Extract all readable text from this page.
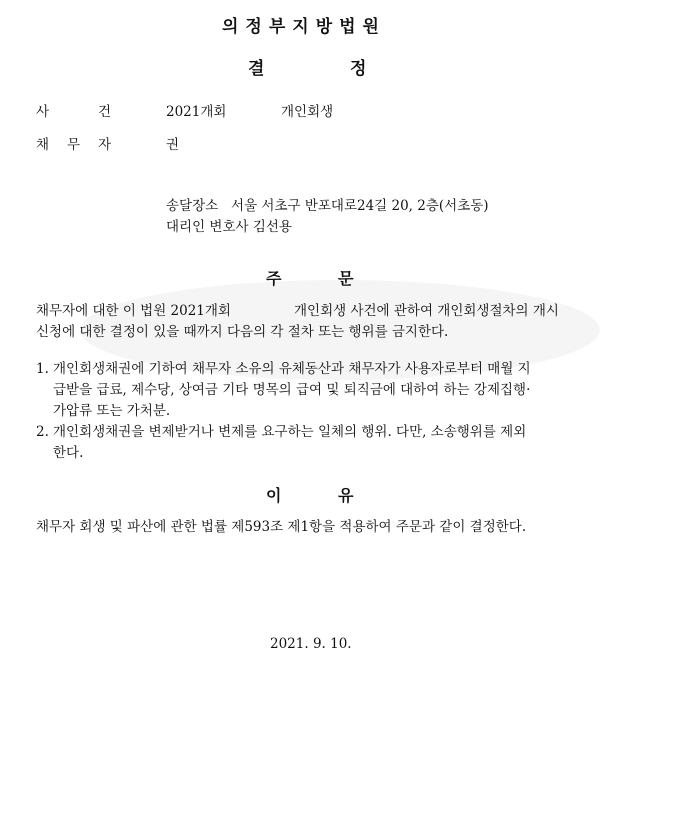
의정부지방법원
결	정
사	건	2021개회	개인회생
채 무 자	권
송달장소   서울 서초구 반포대로24길 20, 2층(서초동)
대리인 변호사 김선용
주	문
채무자에 대한 이 법원 2021개회	개인회생 사건에 관하여 개인회생절차의 개시
신청에 대한 결정이 있을 때까지 다음의 각 절차 또는 행위를 금지한다.
1. 개인회생채권에 기하여 채무자 소유의 유체동산과 채무자가 사용자로부터 매월 지
급받을 급료, 제수당, 상여금 기타 명목의 급여 및 퇴직금에 대하여 하는 강제집행·
가압류 또는 가처분.
2. 개인회생채권을 변제받거나 변제를 요구하는 일체의 행위. 다만, 소송행위를 제외
한다.
이	유
채무자 회생 및 파산에 관한 법률 제593조 제1항을 적용하여 주문과 같이 결정한다.
2021. 9. 10.
